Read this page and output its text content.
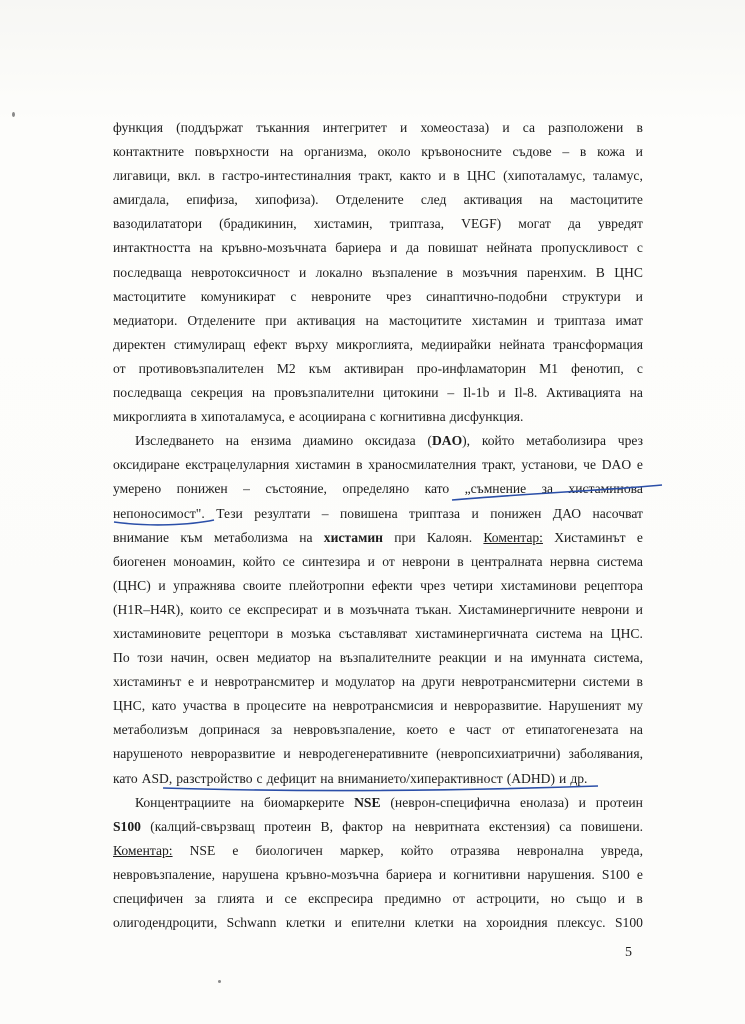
функция (поддържат тъканния интегритет и хомеостаза) и са разположени в
контактните повърхности на организма, около кръвоносните съдове – в кожа и
лигавици, вкл. в гастро-интестиналния тракт, както и в ЦНС (хипоталамус, таламус,
амигдала, епифиза, хипофиза). Отделените след активация на мастоцитите
вазодилататори (брадикинин, хистамин, триптаза, VEGF) могат да увредят
интактността на кръвно-мозъчната бариера и да повишат нейната пропускливост с
последваща невротоксичност и локално възпаление в мозъчния паренхим. В ЦНС
мастоцитите комуникират с невроните чрез синаптично-подобни структури и
медиатори. Отделените при активация на мастоцитите хистамин и триптаза имат
директен стимулиращ ефект върху микроглията, медиирайки нейната трансформация
от противовъзпалителен М2 към активиран про-инфламаторин М1 фенотип, с
последваща секреция на провъзпалителни цитокини – Il-1b и Il-8. Активацията на
микроглията в хипоталамуса, е асоциирана с когнитивна дисфункция.
Изследването на ензима диамино оксидаза (DAO), който метаболизира чрез
оксидиране екстрацелуларния хистамин в храносмилателния тракт, установи, че DAO е
умерено понижен – състояние, определяно като „съмнение за хистаминова
непоносимост". Тези резултати – повишена триптаза и понижен ДАО насочват
внимание към метаболизма на хистамин при Калоян. Коментар: Хистаминът е
биогенен моноамин, който се синтезира и от неврони в централната нервна система
(ЦНС) и упражнява своите плейотропни ефекти чрез четири хистаминови рецептора
(H1R–H4R), които се експресират и в мозъчната тъкан. Хистаминергичните неврони и
хистаминовите рецептори в мозъка съставляват хистаминергичната система на ЦНС.
По този начин, освен медиатор на възпалителните реакции и на имунната система,
хистаминът е и невротрансмитер и модулатор на други невротрансмитерни системи в
ЦНС, като участва в процесите на невротрансмисия и невроразвитие. Нарушеният му
метаболизъм допринася за невровъзпаление, което е част от етипатогенезата на
нарушеното невроразвитие и невродегенеративните (невропсихиатрични) заболявания,
като ASD, разстройство с дефицит на вниманието/хиперактивност (ADHD) и др.
Концентрациите на биомаркерите NSE (неврон-специфична енолаза) и протеин
S100 (калций-свързващ протеин B, фактор на невритната екстензия) са повишени.
Коментар: NSE е биологичен маркер, който отразява невронална увреда,
невровъзпаление, нарушена кръвно-мозъчна бариера и когнитивни нарушения. S100 е
специфичен за глията и се експресира предимно от астроцити, но също и в
олигодендроцити, Schwann клетки и епителни клетки на хороидния плексус. S100
5
